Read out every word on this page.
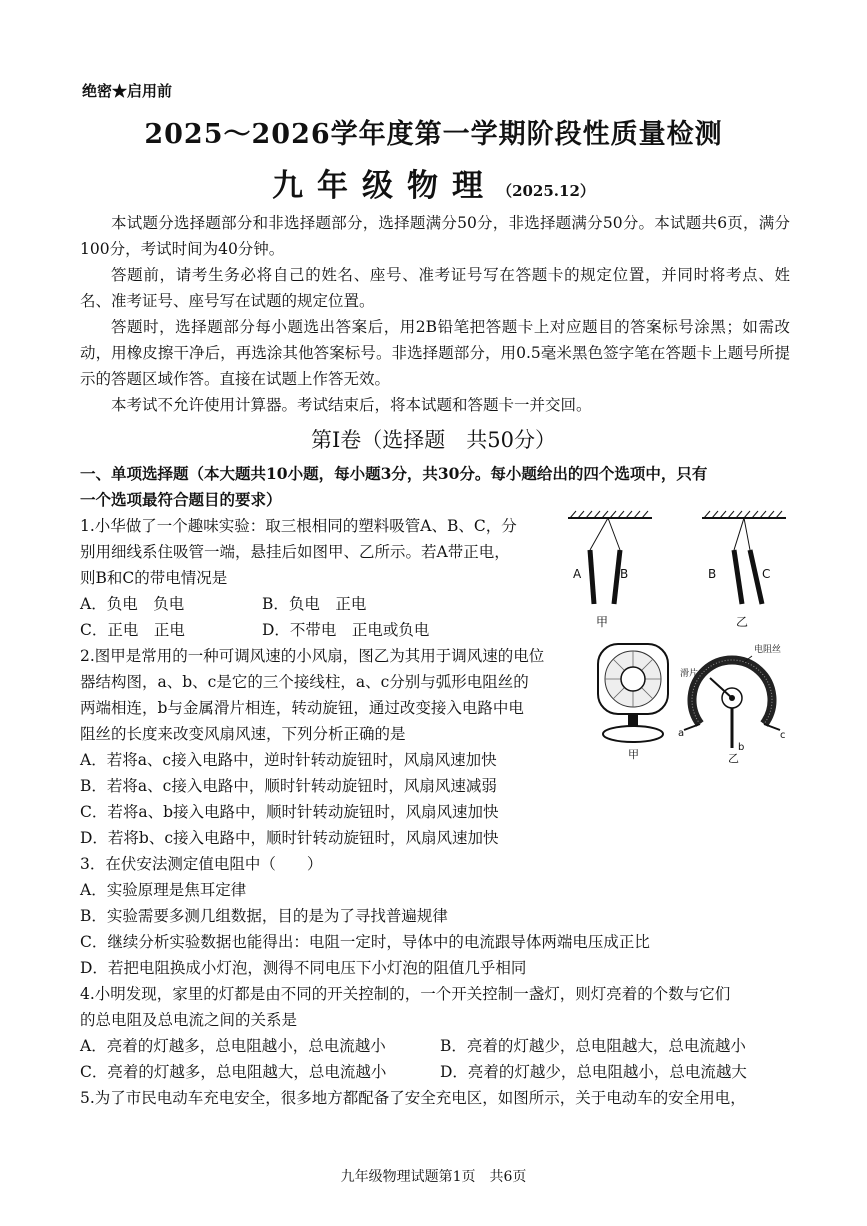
绝密★启用前
2025～2026学年度第一学期阶段性质量检测
九年级物理（2025.12）
本试题分选择题部分和非选择题部分，选择题满分50分，非选择题满分50分。本试题共6页，满分100分，考试时间为40分钟。
答题前，请考生务必将自己的姓名、座号、准考证号写在答题卡的规定位置，并同时将考点、姓名、准考证号、座号写在试题的规定位置。
答题时，选择题部分每小题选出答案后，用2B铅笔把答题卡上对应题目的答案标号涂黑；如需改动，用橡皮擦干净后，再选涂其他答案标号。非选择题部分，用0.5毫米黑色签字笔在答题卡上题号所提示的答题区域作答。直接在试题上作答无效。
本考试不允许使用计算器。考试结束后，将本试题和答题卡一并交回。
第Ⅰ卷（选择题　共50分）
一、单项选择题（本大题共10小题，每小题3分，共30分。每小题给出的四个选项中，只有
一个选项最符合题目的要求）
1.小华做了一个趣味实验：取三根相同的塑料吸管A、B、C，分
别用细线系住吸管一端，悬挂后如图甲、乙所示。若A带正电，
则B和C的带电情况是
A．负电　负电	B．负电　正电
C．正电　正电	D．不带电　正电或负电
A	B
甲
B	C
乙
2.图甲是常用的一种可调风速的小风扇，图乙为其用于调风速的电位
器结构图，a、b、c是它的三个接线柱，a、c分别与弧形电阻丝的
两端相连，b与金属滑片相连，转动旋钮，通过改变接入电路中电
阻丝的长度来改变风扇风速，下列分析正确的是
A．若将a、c接入电路中，逆时针转动旋钮时，风扇风速加快
B．若将a、c接入电路中，顺时针转动旋钮时，风扇风速减弱
C．若将a、b接入电路中，顺时针转动旋钮时，风扇风速加快
D．若将b、c接入电路中，顺时针转动旋钮时，风扇风速加快
甲
电阻丝
滑片
a
b
c
乙
3．在伏安法测定值电阻中（　　）
A．实验原理是焦耳定律
B．实验需要多测几组数据，目的是为了寻找普遍规律
C．继续分析实验数据也能得出：电阻一定时，导体中的电流跟导体两端电压成正比
D．若把电阻换成小灯泡，测得不同电压下小灯泡的阻值几乎相同
4.小明发现，家里的灯都是由不同的开关控制的，一个开关控制一盏灯，则灯亮着的个数与它们
的总电阻及总电流之间的关系是
A．亮着的灯越多，总电阻越小，总电流越小	B．亮着的灯越少，总电阻越大，总电流越小
C．亮着的灯越多，总电阻越大，总电流越小	D．亮着的灯越少，总电阻越小，总电流越大
5.为了市民电动车充电安全，很多地方都配备了安全充电区，如图所示，关于电动车的安全用电，
九年级物理试题第1页　共6页
